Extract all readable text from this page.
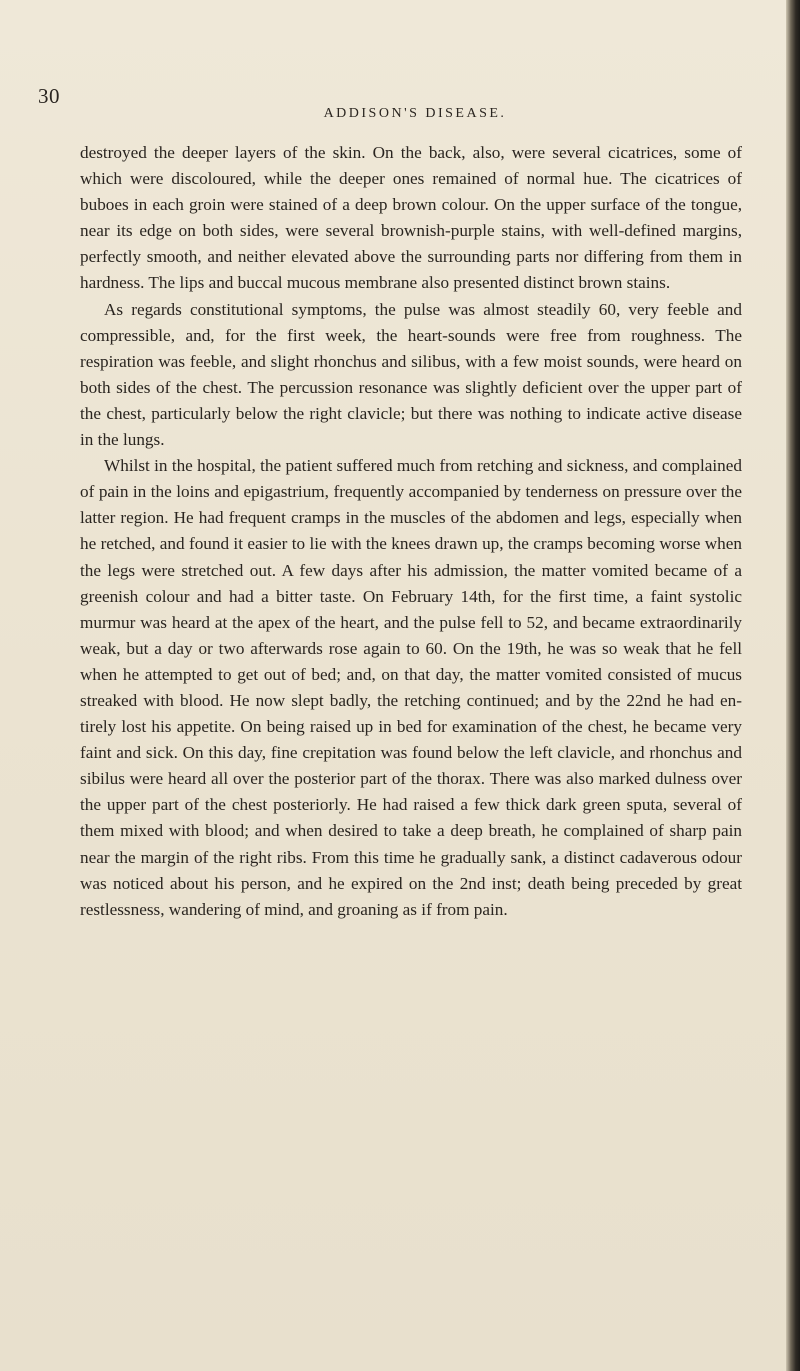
30
ADDISON'S DISEASE.

destroyed the deeper layers of the skin. On the back, also, were several cicatrices, some of which were discoloured, while the deeper ones remained of normal hue. The cicatrices of buboes in each groin were stained of a deep brown colour. On the upper surface of the tongue, near its edge on both sides, were several brownish-purple stains, with well-defined margins, perfectly smooth, and neither elevated above the surrounding parts nor differing from them in hardness. The lips and buccal mucous membrane also presented distinct brown stains.

As regards constitutional symptoms, the pulse was almost steadily 60, very feeble and compressible, and, for the first week, the heart-sounds were free from roughness. The respiration was feeble, and slight rhonchus and silibus, with a few moist sounds, were heard on both sides of the chest. The percussion resonance was slightly deficient over the upper part of the chest, particularly below the right clavicle; but there was nothing to indicate active disease in the lungs.

Whilst in the hospital, the patient suffered much from retching and sickness, and complained of pain in the loins and epigastrium, frequently accompanied by tenderness on pressure over the latter region. He had frequent cramps in the muscles of the abdomen and legs, especially when he retched, and found it easier to lie with the knees drawn up, the cramps becoming worse when the legs were stretched out. A few days after his admission, the matter vomited became of a greenish colour and had a bitter taste. On February 14th, for the first time, a faint systolic murmur was heard at the apex of the heart, and the pulse fell to 52, and became extraordinarily weak, but a day or two afterwards rose again to 60. On the 19th, he was so weak that he fell when he attempted to get out of bed; and, on that day, the matter vomited consisted of mucus streaked with blood. He now slept badly, the retching continued; and by the 22nd he had entirely lost his appetite. On being raised up in bed for examination of the chest, he became very faint and sick. On this day, fine crepitation was found below the left clavicle, and rhonchus and sibilus were heard all over the posterior part of the thorax. There was also marked dulness over the upper part of the chest posteriorly. He had raised a few thick dark green sputa, several of them mixed with blood; and when desired to take a deep breath, he complained of sharp pain near the margin of the right ribs. From this time he gradually sank, a distinct cadaverous odour was noticed about his person, and he expired on the 2nd inst; death being preceded by great restlessness, wandering of mind, and groaning as if from pain.
